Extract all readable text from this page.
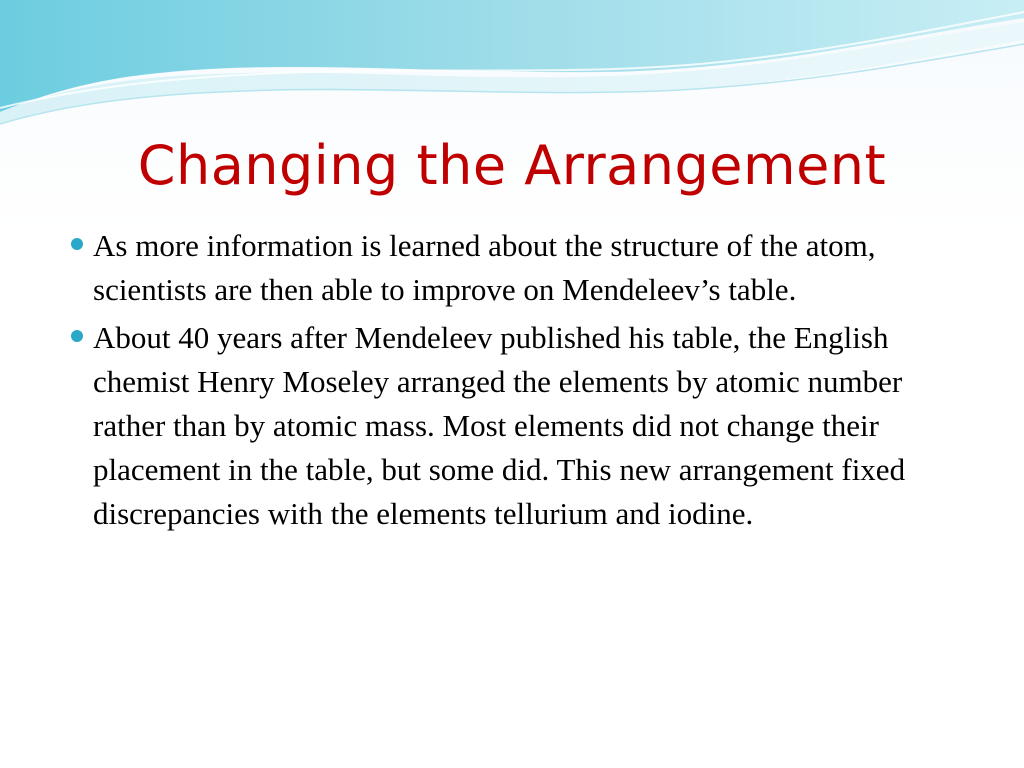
Changing the Arrangement
As more information is learned about the structure of the atom, scientists are then able to improve on Mendeleev’s table.
About 40 years after Mendeleev published his table, the English chemist Henry Moseley arranged the elements by atomic number rather than by atomic mass. Most elements did not change their placement in the table, but some did. This new arrangement fixed discrepancies with the elements tellurium and iodine.
